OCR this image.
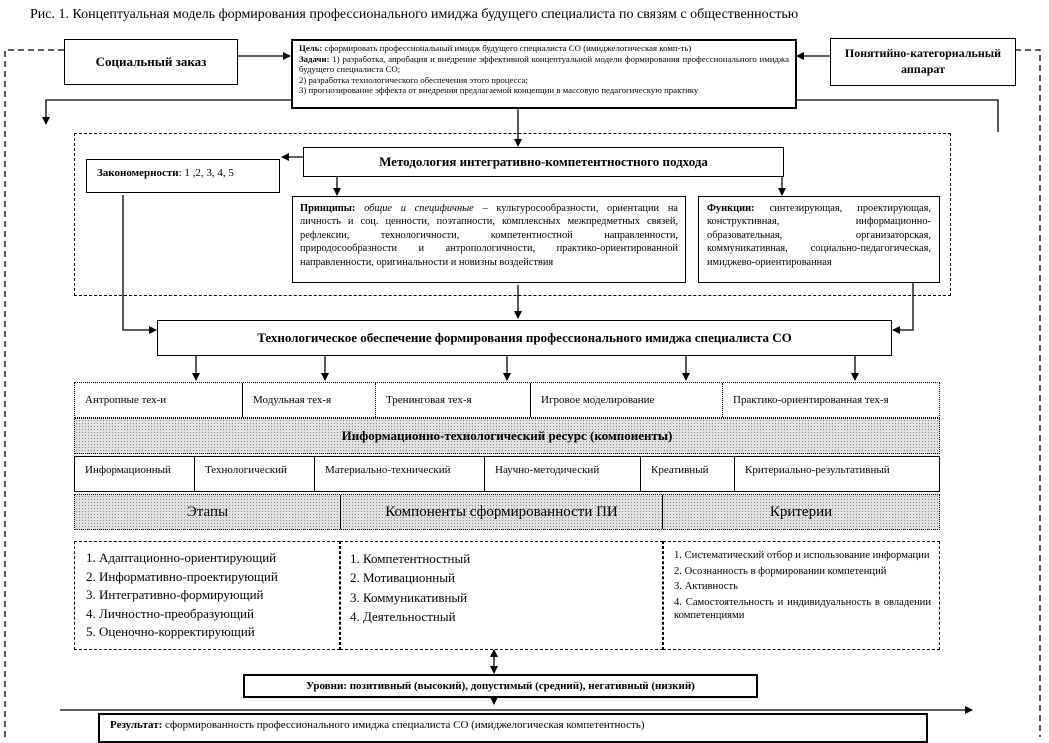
Рис. 1. Концептуальная модель формирования профессионального имиджа будущего специалиста по связям с общественностью
Социальный заказ
Цель: сформировать профессиональный имидж будущего специалиста СО (имиджелогическая комп-ть)
Задачи: 1) разработка, апробация и внедрение эффективной концептуальной модели формирования профессионального имиджа будущего специалиста СО;
2) разработка технологического обеспечения этого процесса;
3) прогнозирование эффекта от внедрения предлагаемой концепции в массовую педагогическую практику
Понятийно-категориальный аппарат
Методология интегративно-компетентностного подхода
Закономерности: 1 ,2, 3, 4, 5
Принципы: общие и специфичные – культуросообразности, ориентации на личность и соц. ценности, поэтапности, комплексных межпредметных связей, рефлексии, технологичности, компетентностной направленности, природосообразности и антропологичности, практико-ориентированной направленности, оригинальности и новизны воздействия
Функции: синтезирующая, проектирующая, конструктивная, информационно-образовательная, организаторская, коммуникативная, социально-педагогическая, имиджево-ориентированная
Технологическое обеспечение формирования профессионального имиджа специалиста СО
Антропные тех-и	Модульная тех-я	Тренинговая тех-я	Игровое моделирование	Практико-ориентированная тех-я
Информационно-технологический ресурс (компоненты)
Информационный	Технологический	Материально-технический	Научно-методический	Креативный	Критериально-результативный
Этапы	Компоненты сформированности ПИ	Критерии
1. Адаптационно-ориентирующий
2. Информативно-проектирующий
3. Интегративно-формирующий
4. Личностно-преобразующий
5. Оценочно-корректирующий
1. Компетентностный
2. Мотивационный
3. Коммуникативный
4. Деятельностный
1. Систематический отбор и использование информации
2. Осознанность в формировании компетенций
3. Активность
4. Самостоятельность и индивидуальность в овладении компетенциями
Уровни: позитивный (высокий), допустимый (средний), негативный (низкий)
Результат: сформированность профессионального имиджа специалиста СО (имиджелогическая компетентность)
